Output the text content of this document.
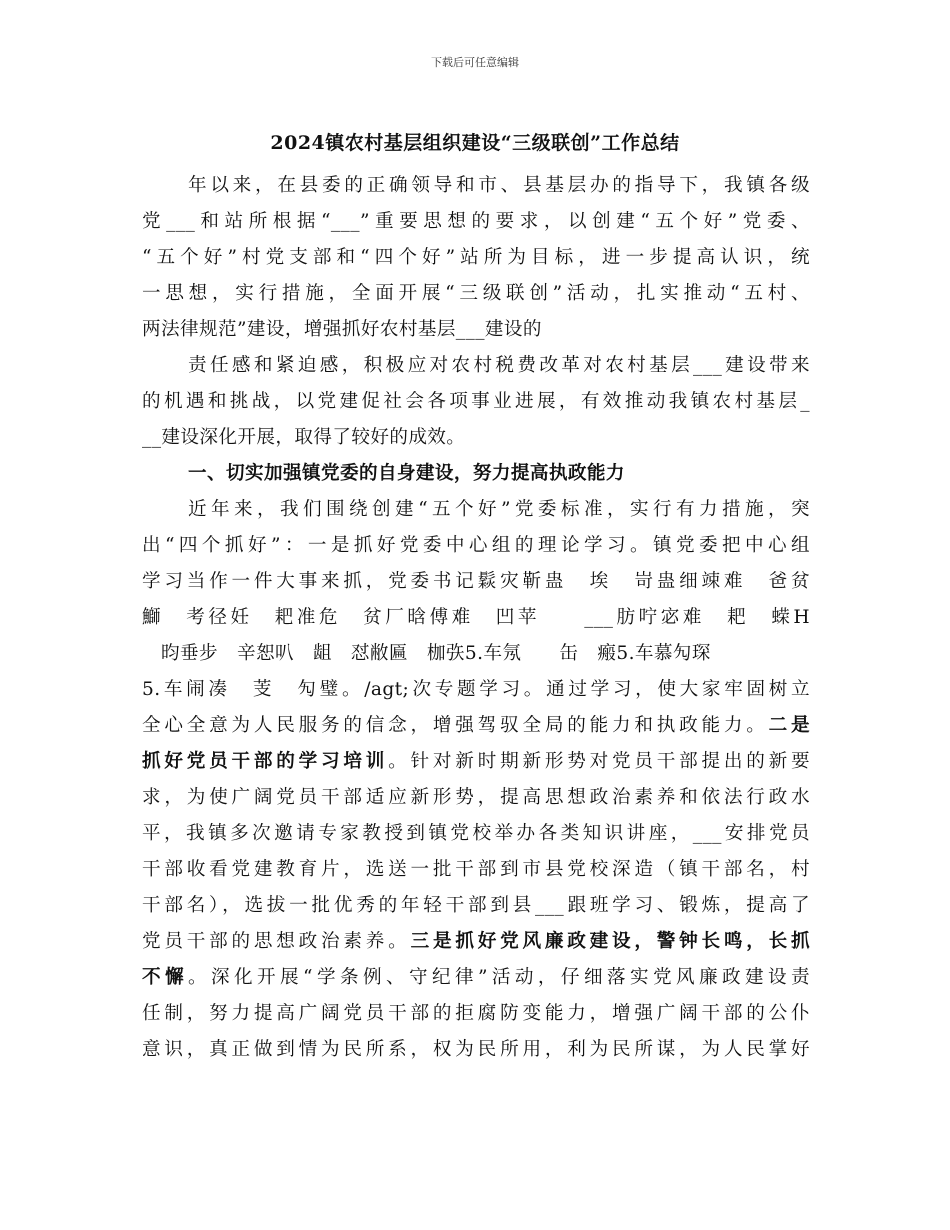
下载后可任意编辑
2024镇农村基层组织建设“三级联创”工作总结
年以来，在县委的正确领导和市、县基层办的指导下，我镇各级
党___和站所根据“___”重要思想的要求，以创建“五个好”党委、
“五个好”村党支部和“四个好”站所为目标，进一步提高认识，统
一思想，实行措施，全面开展“三级联创”活动，扎实推动“五村、
两法律规范”建设，增强抓好农村基层___建设的
责任感和紧迫感，积极应对农村税费改革对农村基层___建设带来
的机遇和挑战，以党建促社会各项事业进展，有效推动我镇农村基层_
__建设深化开展，取得了较好的成效。
一、切实加强镇党委的自身建设，努力提高执政能力
近年来，我们围绕创建“五个好”党委标准，实行有力措施，突
出“四个抓好”：一是抓好党委中心组的理论学习。镇党委把中心组
学习当作一件大事来抓，党委书记鬏灾靳蛊　埃　岢蛊细竦难　爸贫
鰤　考径妊　耙准危　贫厂晗傅难　凹苹　　___肪咛宓难　耙　蝾H
　昀垂步　辛恕叭　龃　怼敝匾　枷矤5.车氖　　缶　瘢5.车慕勼琛
5.车闹凑　芰　勼璧。/agt;次专题学习。通过学习，使大家牢固树立
全心全意为人民服务的信念，增强驾驭全局的能力和执政能力。二是
抓好党员干部的学习培训。针对新时期新形势对党员干部提出的新要
求，为使广阔党员干部适应新形势，提高思想政治素养和依法行政水
平，我镇多次邀请专家教授到镇党校举办各类知识讲座，___安排党员
干部收看党建教育片，选送一批干部到市县党校深造（镇干部名，村
干部名），选拔一批优秀的年轻干部到县___跟班学习、锻炼，提高了
党员干部的思想政治素养。三是抓好党风廉政建设，警钟长鸣，长抓
不懈。深化开展“学条例、守纪律”活动，仔细落实党风廉政建设责
任制，努力提高广阔党员干部的拒腐防变能力，增强广阔干部的公仆
意识，真正做到情为民所系，权为民所用，利为民所谋，为人民掌好
